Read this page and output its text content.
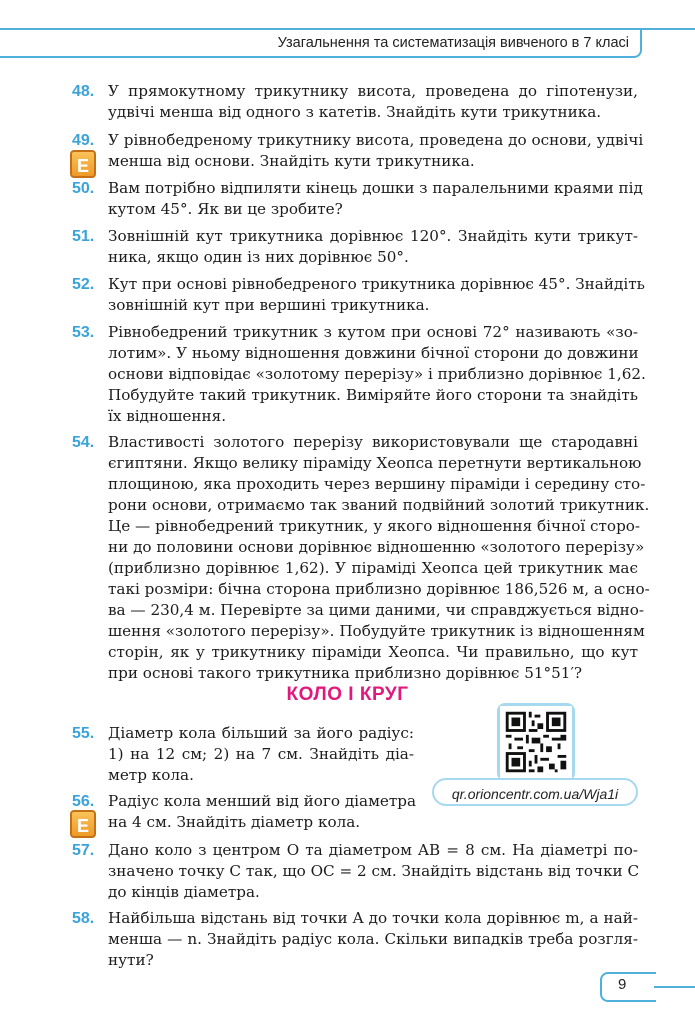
Узагальнення та систематизація вивченого в 7 класі
48. У прямокутному трикутнику висота, проведена до гіпотенузи,
удвічі менша від одного з катетів. Знайдіть кути трикутника.
49. У рівнобедреному трикутнику висота, проведена до основи, удвічі
менша від основи. Знайдіть кути трикутника.
Е
50. Вам потрібно відпиляти кінець дошки з паралельними краями під
кутом 45°. Як ви це зробите?
51. Зовнішній кут трикутника дорівнює 120°. Знайдіть кути трикут-
ника, якщо один із них дорівнює 50°.
52. Кут при основі рівнобедреного трикутника дорівнює 45°. Знайдіть
зовнішній кут при вершині трикутника.
53. Рівнобедрений трикутник з кутом при основі 72° називають «зо-
лотим». У ньому відношення довжини бічної сторони до довжини
основи відповідає «золотому перерізу» і приблизно дорівнює 1,62.
Побудуйте такий трикутник. Виміряйте його сторони та знайдіть
їх відношення.
54. Властивості золотого перерізу використовували ще стародавні
єгиптяни. Якщо велику піраміду Хеопса перетнути вертикальною
площиною, яка проходить через вершину піраміди і середину сто-
рони основи, отримаємо так званий подвійний золотий трикутник.
Це — рівнобедрений трикутник, у якого відношення бічної сторо-
ни до половини основи дорівнює відношенню «золотого перерізу»
(приблизно дорівнює 1,62). У піраміді Хеопса цей трикутник має
такі розміри: бічна сторона приблизно дорівнює 186,526 м, а осно-
ва — 230,4 м. Перевірте за цими даними, чи справджується відно-
шення «золотого перерізу». Побудуйте трикутник із відношенням
сторін, як у трикутнику піраміди Хеопса. Чи правильно, що кут
при основі такого трикутника приблизно дорівнює 51°51′?
КОЛО І КРУГ
qr.orioncentr.com.ua/Wja1i
55. Діаметр кола більший за його радіус:
1) на 12 см; 2) на 7 см. Знайдіть діа-
метр кола.
56. Радіус кола менший від його діаметра
на 4 см. Знайдіть діаметр кола.
Е
57. Дано коло з центром O та діаметром AB = 8 см. На діаметрі по-
значено точку C так, що OC = 2 см. Знайдіть відстань від точки C
до кінців діаметра.
58. Найбільша відстань від точки A до точки кола дорівнює m, а най-
менша — n. Знайдіть радіус кола. Скільки випадків треба розгля-
нути?
9
